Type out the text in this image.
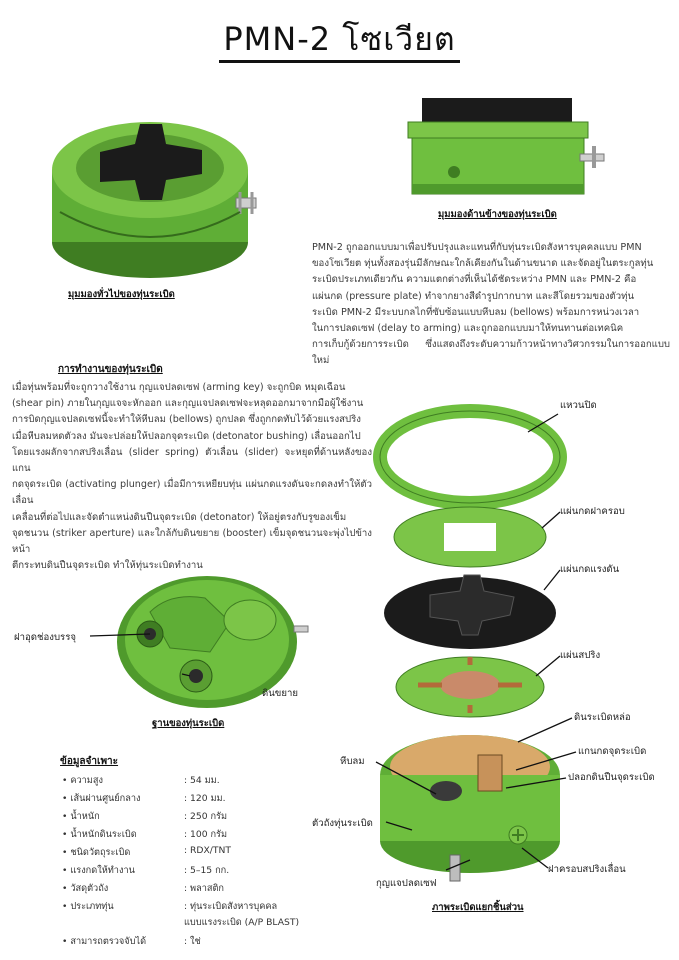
PMN-2 โซเวียต
มุมมองทั่วไปของทุ่นระเบิด
มุมมองด้านข้างของทุ่นระเบิด
PMN-2 ถูกออกแบบมาเพื่อปรับปรุงและแทนที่กับทุ่นระเบิดสังหารบุคคลแบบ PMN
ของโซเวียต ทุ่นทั้งสองรุ่นมีลักษณะใกล้เคียงกันในด้านขนาด และจัดอยู่ในตระกูลทุ่น
ระเบิดประเภทเดียวกัน ความแตกต่างที่เห็นได้ชัดระหว่าง PMN และ PMN-2 คือ
แผ่นกด (pressure plate) ทำจากยางสีดำรูปกากบาท และสีโดยรวมของตัวทุ่น
ระเบิด PMN-2 มีระบบกลไกที่ซับซ้อนแบบหีบลม (bellows) พร้อมการหน่วงเวลา
ในการปลดเซฟ (delay to arming) และถูกออกแบบมาให้ทนทานต่อเทคนิค
การเก็บกู้ด้วยการระเบิด ซึ่งแสดงถึงระดับความก้าวหน้าทางวิศวกรรมในการออกแบบใหม่
การทำงานของทุ่นระเบิด
เมื่อทุ่นพร้อมที่จะถูกวางใช้งาน กุญแจปลดเซฟ (arming key) จะถูกบิด หมุดเฉือน
(shear pin) ภายในกุญแจจะหักออก และกุญแจปลดเซฟจะหลุดออกมาจากมือผู้ใช้งาน
การบิดกุญแจปลดเซฟนี้จะทำให้หีบลม (bellows) ถูกปลด ซึ่งถูกกดทับไว้ด้วยแรงสปริง
เมื่อหีบลมหดตัวลง มันจะปล่อยให้ปลอกจุดระเบิด (detonator bushing) เลื่อนออกไป
โดยแรงผลักจากสปริงเลื่อน (slider spring) ตัวเลื่อน (slider) จะหยุดที่ด้านหลังของแกน
กดจุดระเบิด (activating plunger) เมื่อมีการเหยียบทุ่น แผ่นกดแรงดันจะกดลงทำให้ตัวเลื่อน
เคลื่อนที่ต่อไปและจัดตำแหน่งดินปืนจุดระเบิด (detonator) ให้อยู่ตรงกับรูของเข็ม
จุดชนวน (striker aperture) และใกล้กับดินขยาย (booster) เข็มจุดชนวนจะพุ่งไปข้างหน้า
ตีกระทบดินปืนจุดระเบิด ทำให้ทุ่นระเบิดทำงาน
ฝาอุดช่องบรรจุ
ดินขยาย
ฐานของทุ่นระเบิด
ข้อมูลจำเพาะ
• ความสูง	: 54 มม.
• เส้นผ่านศูนย์กลาง	: 120 มม.
• น้ำหนัก	: 250 กรัม
• น้ำหนักดินระเบิด	: 100 กรัม
• ชนิดวัตถุระเบิด	: RDX/TNT
• แรงกดให้ทำงาน	: 5–15 กก.
• วัสดุตัวถัง	: พลาสติก
• ประเภททุ่น	: ทุ่นระเบิดสังหารบุคคล
แบบแรงระเบิด (A/P BLAST)
• สามารถตรวจจับได้	: ใช่
แหวนปิด
แผ่นกดฝาครอบ
แผ่นกดแรงดัน
แผ่นสปริง
ดินระเบิดหล่อ
แกนกดจุดระเบิด
ปลอกดินปืนจุดระเบิด
หีบลม
ตัวถังทุ่นระเบิด
กุญแจปลดเซฟ
ฝาครอบสปริงเลื่อน
ภาพระเบิดแยกชิ้นส่วน
